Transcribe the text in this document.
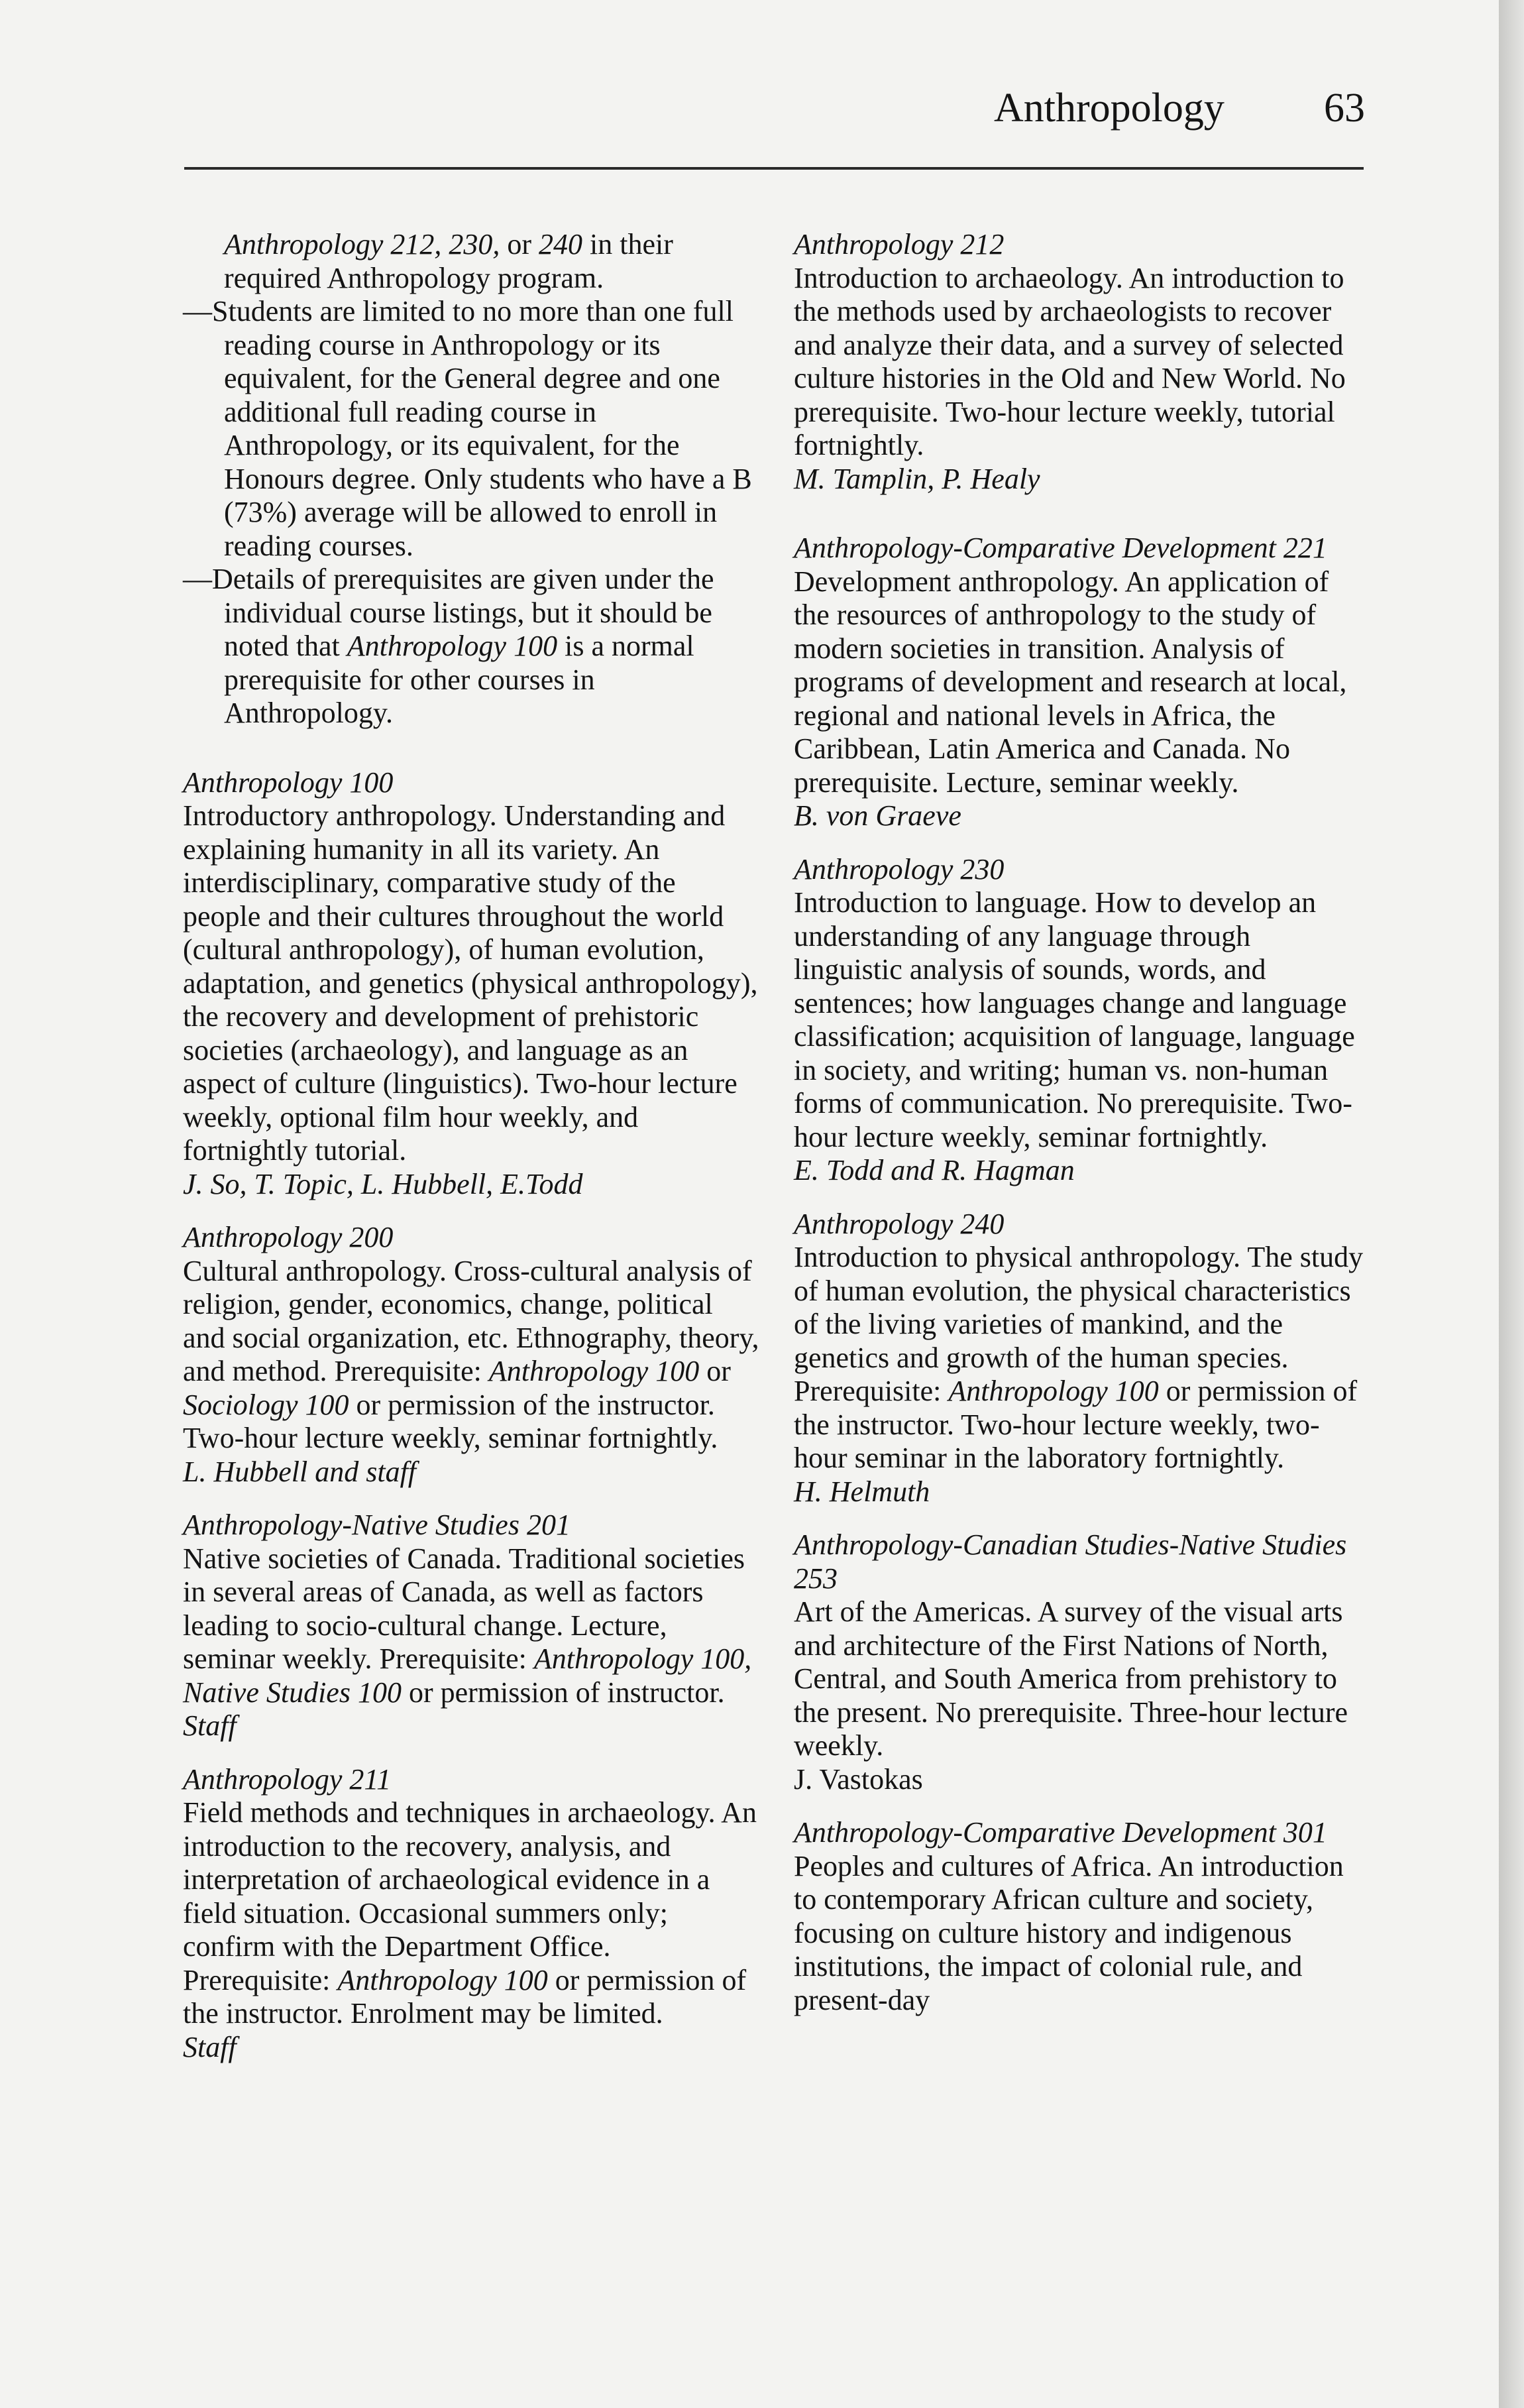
Anthropology 63

Anthropology 212, 230, or 240 in their required Anthropology program.

—Students are limited to no more than one full reading course in Anthropology or its equivalent, for the General degree and one additional full reading course in Anthropology, or its equivalent, for the Honours degree. Only students who have a B (73%) average will be allowed to enroll in reading courses.

—Details of prerequisites are given under the individual course listings, but it should be noted that Anthropology 100 is a normal prerequisite for other courses in Anthropology.

Anthropology 100

Introductory anthropology. Understanding and explaining humanity in all its variety. An interdisciplinary, comparative study of the people and their cultures throughout the world (cultural anthropology), of human evolution, adaptation, and genetics (physical anthropology), the recovery and development of prehistoric societies (archaeology), and language as an aspect of culture (linguistics). Two-hour lecture weekly, optional film hour weekly, and fortnightly tutorial.

J. So, T. Topic, L. Hubbell, E.Todd

Anthropology 200

Cultural anthropology. Cross-cultural analysis of religion, gender, economics, change, political and social organization, etc. Ethnography, theory, and method. Prerequisite: Anthropology 100 or Sociology 100 or permission of the instructor. Two-hour lecture weekly, seminar fortnightly.

L. Hubbell and staff

Anthropology-Native Studies 201

Native societies of Canada. Traditional societies in several areas of Canada, as well as factors leading to socio-cultural change. Lecture, seminar weekly. Prerequisite: Anthropology 100, Native Studies 100 or permission of instructor.

Staff

Anthropology 211

Field methods and techniques in archaeology. An introduction to the recovery, analysis, and interpretation of archaeological evidence in a field situation. Occasional summers only; confirm with the Department Office. Prerequisite: Anthropology 100 or permission of the instructor. Enrolment may be limited.

Staff

Anthropology 212

Introduction to archaeology. An introduction to the methods used by archaeologists to recover and analyze their data, and a survey of selected culture histories in the Old and New World. No prerequisite. Two-hour lecture weekly, tutorial fortnightly.

M. Tamplin, P. Healy

Anthropology-Comparative Development 221

Development anthropology. An application of the resources of anthropology to the study of modern societies in transition. Analysis of programs of development and research at local, regional and national levels in Africa, the Caribbean, Latin America and Canada. No prerequisite. Lecture, seminar weekly.

B. von Graeve

Anthropology 230

Introduction to language. How to develop an understanding of any language through linguistic analysis of sounds, words, and sentences; how languages change and language classification; acquisition of language, language in society, and writing; human vs. non-human forms of communication. No prerequisite. Two-hour lecture weekly, seminar fortnightly.

E. Todd and R. Hagman

Anthropology 240

Introduction to physical anthropology. The study of human evolution, the physical characteristics of the living varieties of mankind, and the genetics and growth of the human species. Prerequisite: Anthropology 100 or permission of the instructor. Two-hour lecture weekly, two-hour seminar in the laboratory fortnightly.

H. Helmuth

Anthropology-Canadian Studies-Native Studies 253

Art of the Americas. A survey of the visual arts and architecture of the First Nations of North, Central, and South America from prehistory to the present. No prerequisite. Three-hour lecture weekly.

J. Vastokas

Anthropology-Comparative Development 301

Peoples and cultures of Africa. An introduction to contemporary African culture and society, focusing on culture history and indigenous institutions, the impact of colonial rule, and present-day
